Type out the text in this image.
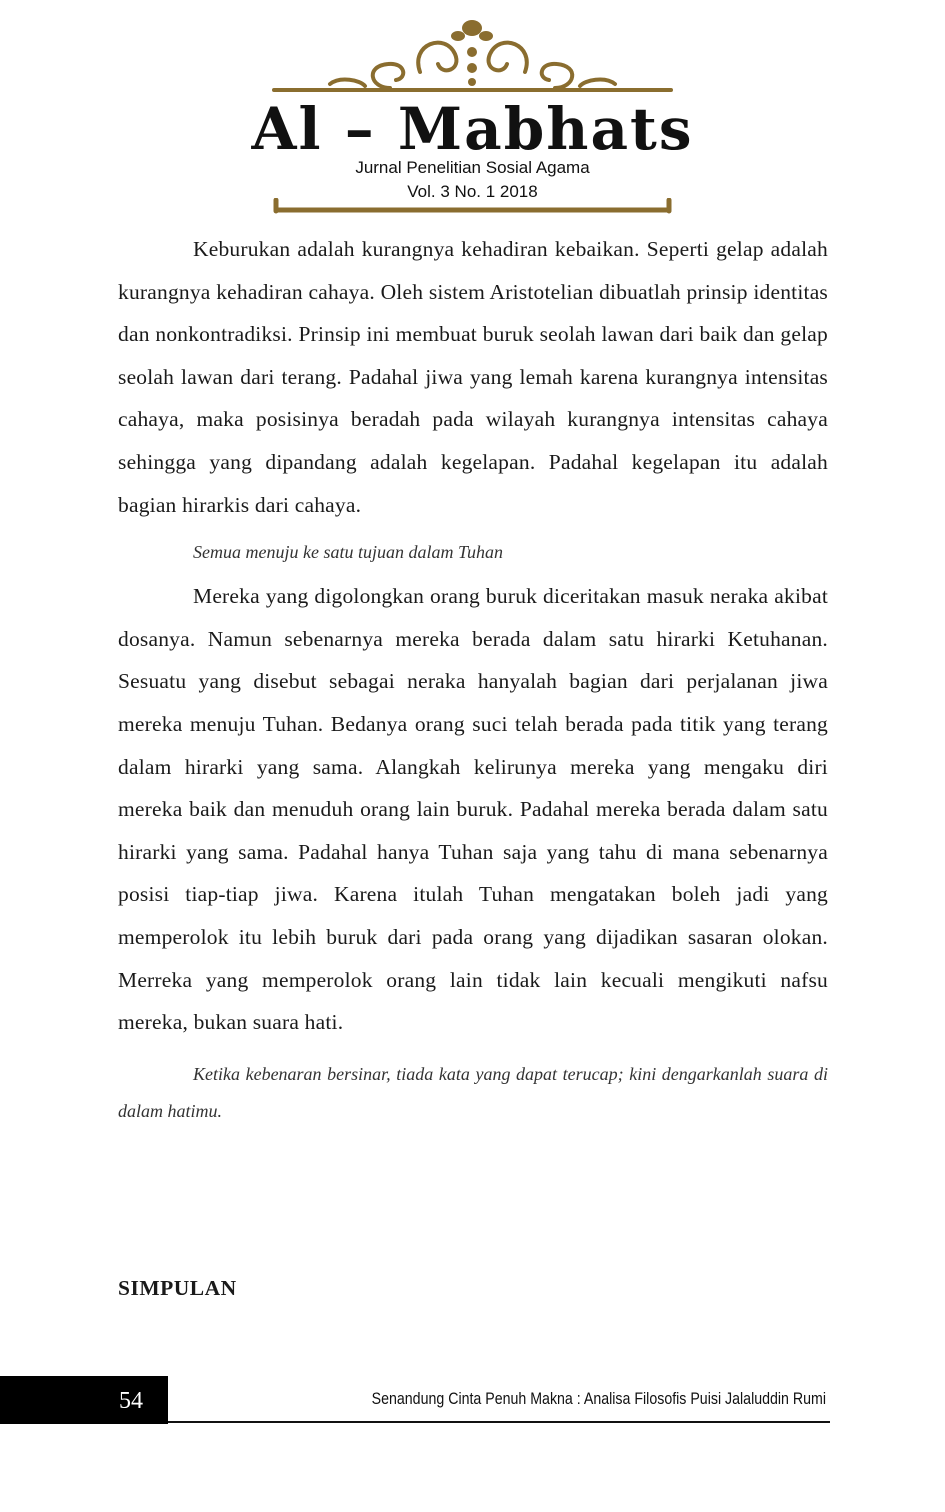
Al – Mabhats
Jurnal Penelitian Sosial Agama
Vol. 3 No. 1 2018

Keburukan adalah kurangnya kehadiran kebaikan. Seperti gelap adalah kurangnya kehadiran cahaya. Oleh sistem Aristotelian dibuatlah prinsip identitas dan nonkontradiksi. Prinsip ini membuat buruk seolah lawan dari baik dan gelap seolah lawan dari terang. Padahal jiwa yang lemah karena kurangnya intensitas cahaya, maka posisinya beradah pada wilayah kurangnya intensitas cahaya sehingga yang dipandang adalah kegelapan. Padahal kegelapan itu adalah bagian hirarkis dari cahaya.

Semua menuju ke satu tujuan dalam Tuhan

Mereka yang digolongkan orang buruk diceritakan masuk neraka akibat dosanya. Namun sebenarnya mereka berada dalam satu hirarki Ketuhanan. Sesuatu yang disebut sebagai neraka hanyalah bagian dari perjalanan jiwa mereka menuju Tuhan. Bedanya orang suci telah berada pada titik yang terang dalam hirarki yang sama. Alangkah kelirunya mereka yang mengaku diri mereka baik dan menuduh orang lain buruk. Padahal mereka berada dalam satu hirarki yang sama. Padahal hanya Tuhan saja yang tahu di mana sebenarnya posisi tiap-tiap jiwa. Karena itulah Tuhan mengatakan boleh jadi yang memperolok itu lebih buruk dari pada orang yang dijadikan sasaran olokan. Merreka yang memperolok orang lain tidak lain kecuali mengikuti nafsu mereka, bukan suara hati.

Ketika kebenaran bersinar, tiada kata yang dapat terucap; kini dengarkanlah suara di dalam hatimu.

SIMPULAN
54	Senandung Cinta Penuh Makna : Analisa Filosofis Puisi Jalaluddin Rumi
